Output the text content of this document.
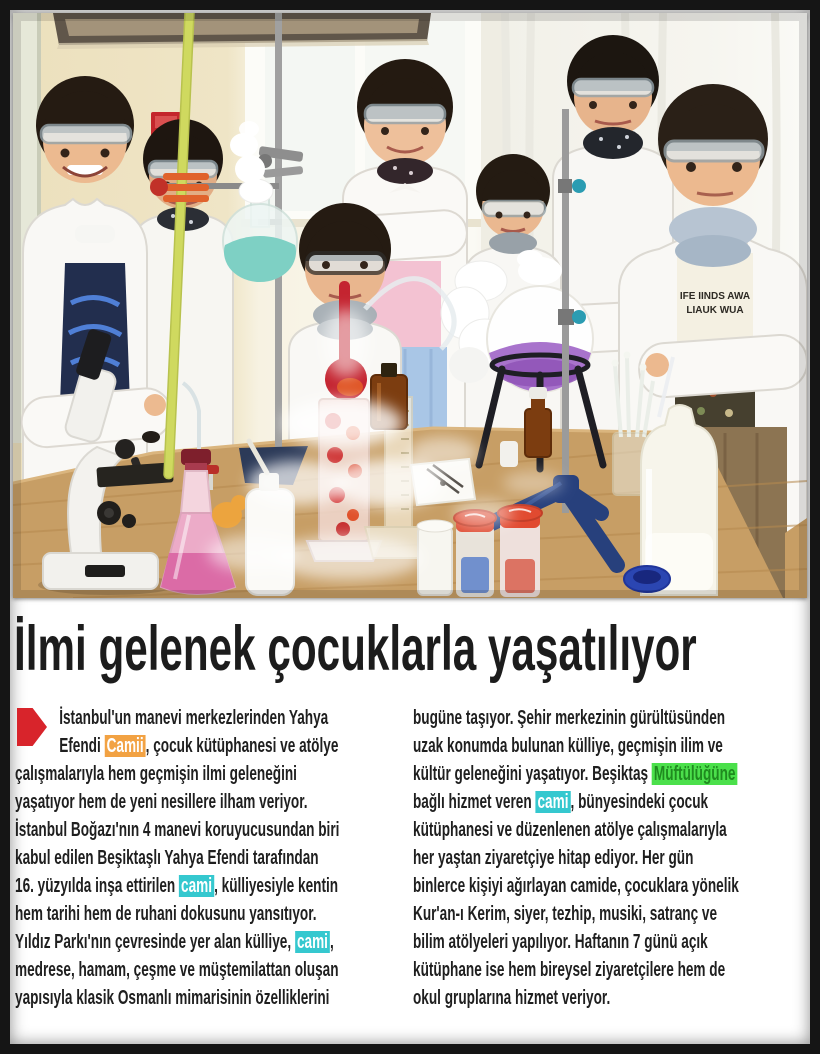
IFE IINDS AWA
LIAUK WUA
İlmi gelenek çocuklarla yaşatılıyor
İstanbul'un manevi merkezlerinden Yahya
Efendi Camii , çocuk kütüphanesi ve atölye
çalışmalarıyla hem geçmişin ilmi geleneğini
yaşatıyor hem de yeni nesillere ilham veriyor.
İstanbul Boğazı'nın 4 manevi koruyucusundan biri
kabul edilen Beşiktaşlı Yahya Efendi tarafından
16. yüzyılda inşa ettirilen cami , külliyesiyle kentin
hem tarihi hem de ruhani dokusunu yansıtıyor.
Yıldız Parkı'nın çevresinde yer alan külliye, cami ,
medrese, hamam, çeşme ve müştemilattan oluşan
yapısıyla klasik Osmanlı mimarisinin özelliklerini
bugüne taşıyor. Şehir merkezinin gürültüsünden
uzak konumda bulunan külliye, geçmişin ilim ve
kültür geleneğini yaşatıyor. Beşiktaş Müftülüğüne
bağlı hizmet veren cami , bünyesindeki çocuk
kütüphanesi ve düzenlenen atölye çalışmalarıyla
her yaştan ziyaretçiye hitap ediyor. Her gün
binlerce kişiyi ağırlayan camide, çocuklara yönelik
Kur'an-ı Kerim, siyer, tezhip, musiki, satranç ve
bilim atölyeleri yapılıyor. Haftanın 7 günü açık
kütüphane ise hem bireysel ziyaretçilere hem de
okul gruplarına hizmet veriyor.
